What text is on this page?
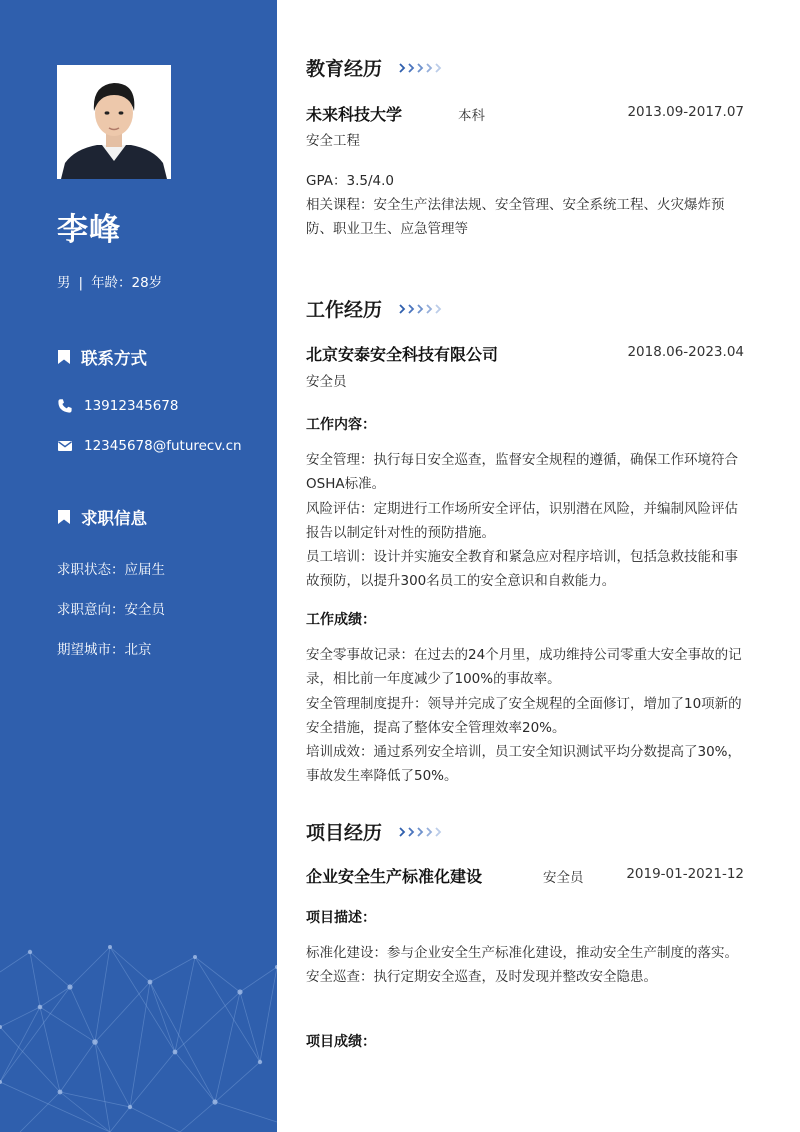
李峰
男 | 年龄：28岁
联系方式
13912345678
12345678@futurecv.cn
求职信息
求职状态：应届生
求职意向：安全员
期望城市：北京
教育经历
未来科技大学	本科	2013.09-2017.07
安全工程
GPA：3.5/4.0
相关课程：安全生产法律法规、安全管理、安全系统工程、火灾爆炸预防、职业卫生、应急管理等
工作经历
北京安泰安全科技有限公司	2018.06-2023.04
安全员
工作内容：

安全管理：执行每日安全巡查，监督安全规程的遵循，确保工作环境符合OSHA标准。

风险评估：定期进行工作场所安全评估，识别潜在风险，并编制风险评估报告以制定针对性的预防措施。

员工培训：设计并实施安全教育和紧急应对程序培训，包括急救技能和事故预防，以提升300名员工的安全意识和自救能力。

工作成绩：

安全零事故记录：在过去的24个月里，成功维持公司零重大安全事故的记录，相比前一年度减少了100%的事故率。

安全管理制度提升：领导并完成了安全规程的全面修订，增加了10项新的安全措施，提高了整体安全管理效率20%。

培训成效：通过系列安全培训，员工安全知识测试平均分数提高了30%，事故发生率降低了50%。

项目经历
企业安全生产标准化建设	安全员	2019-01-2021-12
项目描述：

标准化建设：参与企业安全生产标准化建设，推动安全生产制度的落实。

安全巡查：执行定期安全巡查，及时发现并整改安全隐患。

项目成绩：
